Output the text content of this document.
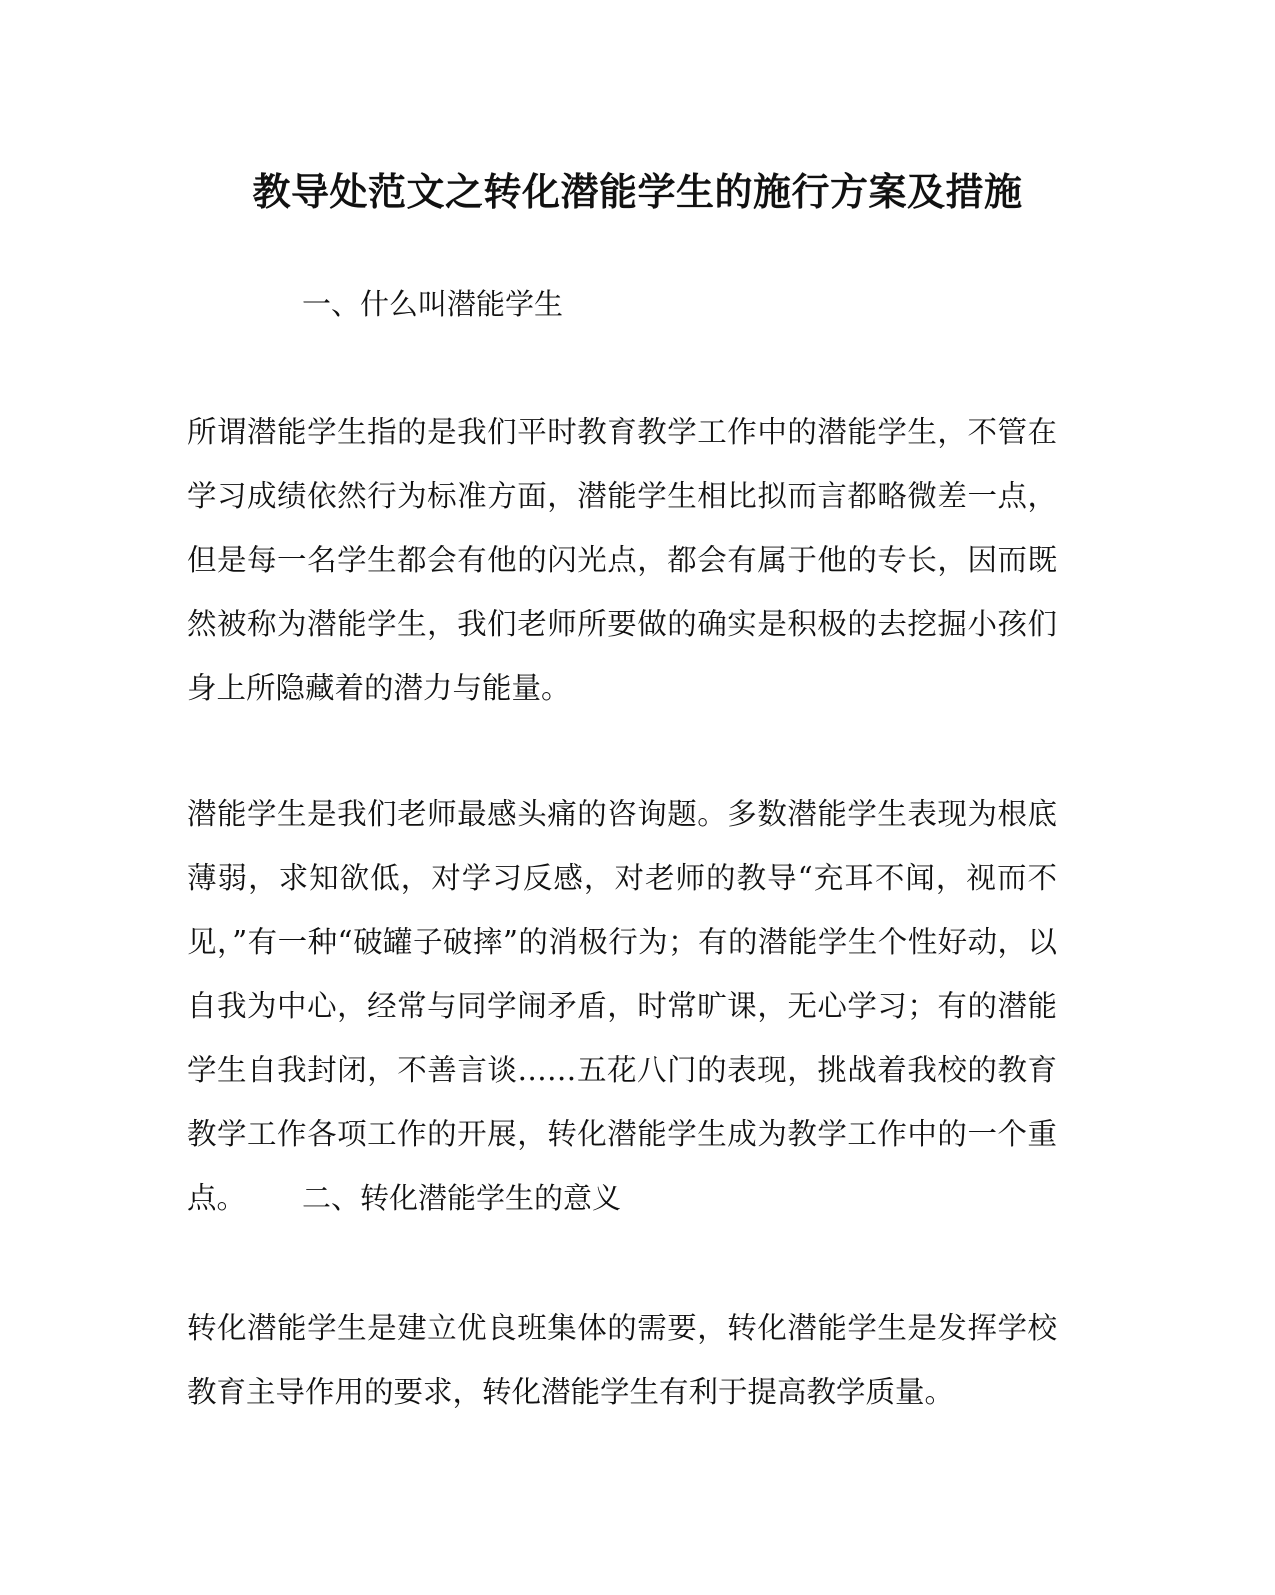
教导处范文之转化潜能学生的施行方案及措施
一、什么叫潜能学生
所谓潜能学生指的是我们平时教育教学工作中的潜能学生，不管在学习成绩依然行为标准方面，潜能学生相比拟而言都略微差一点，但是每一名学生都会有他的闪光点，都会有属于他的专长，因而既然被称为潜能学生，我们老师所要做的确实是积极的去挖掘小孩们身上所隐藏着的潜力与能量。
潜能学生是我们老师最感头痛的咨询题。多数潜能学生表现为根底薄弱，求知欲低，对学习反感，对老师的教导“充耳不闻，视而不见，”有一种“破罐子破摔”的消极行为；有的潜能学生个性好动，以自我为中心，经常与同学闹矛盾，时常旷课，无心学习；有的潜能学生自我封闭，不善言谈……五花八门的表现，挑战着我校的教育教学工作各项工作的开展，转化潜能学生成为教学工作中的一个重点。	二、转化潜能学生的意义
转化潜能学生是建立优良班集体的需要，转化潜能学生是发挥学校教育主导作用的要求，转化潜能学生有利于提高教学质量。
